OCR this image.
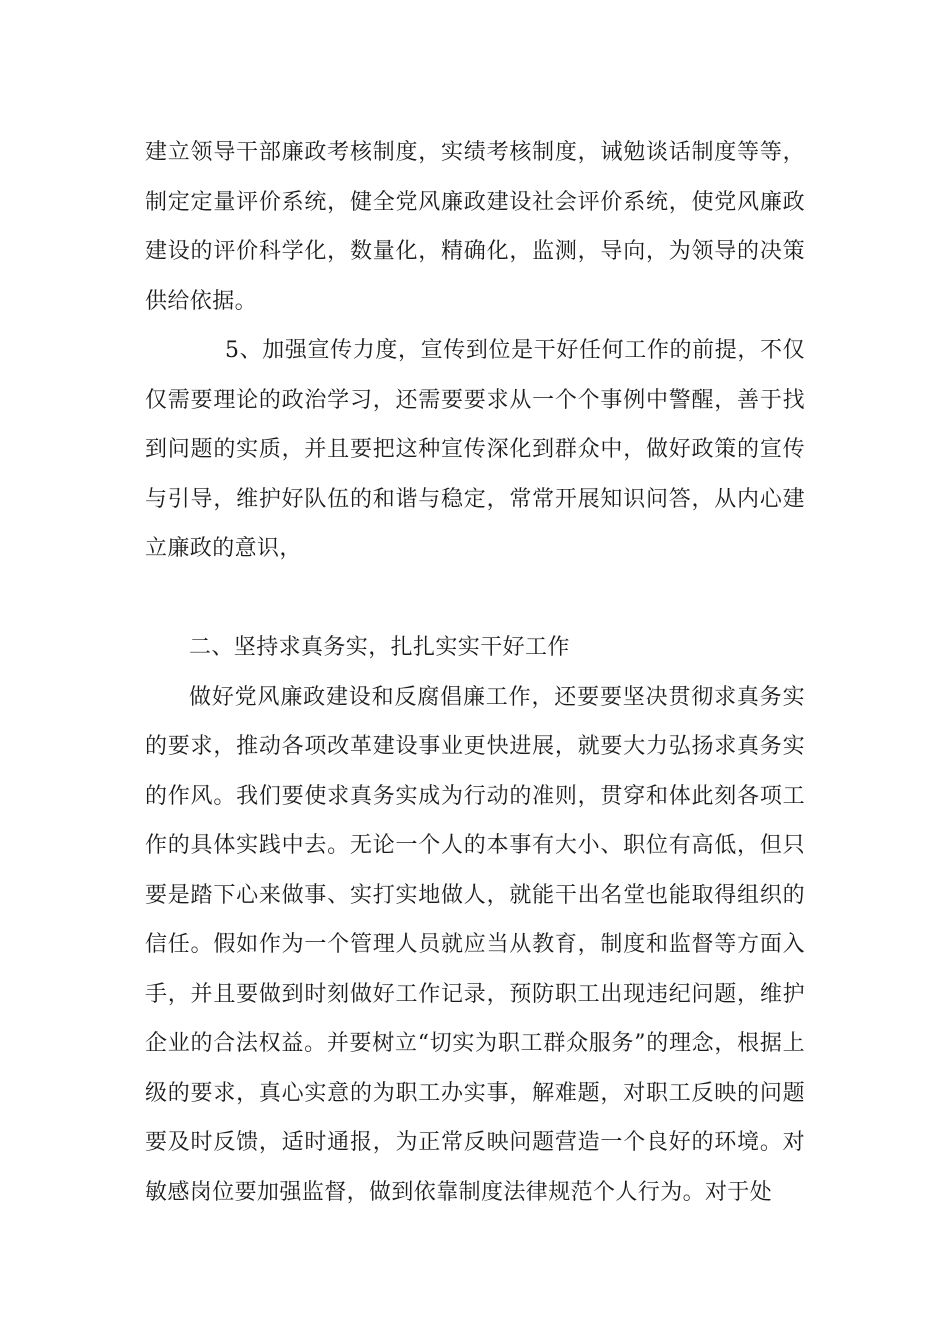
建立领导干部廉政考核制度，实绩考核制度，诫勉谈话制度等等，制定定量评价系统，健全党风廉政建设社会评价系统，使党风廉政建设的评价科学化，数量化，精确化，监测，导向，为领导的决策供给依据。

5、加强宣传力度，宣传到位是干好任何工作的前提，不仅仅需要理论的政治学习，还需要要求从一个个事例中警醒，善于找到问题的实质，并且要把这种宣传深化到群众中，做好政策的宣传与引导，维护好队伍的和谐与稳定，常常开展知识问答，从内心建立廉政的意识，

二、坚持求真务实，扎扎实实干好工作

做好党风廉政建设和反腐倡廉工作，还要要坚决贯彻求真务实的要求，推动各项改革建设事业更快进展，就要大力弘扬求真务实的作风。我们要使求真务实成为行动的准则，贯穿和体此刻各项工作的具体实践中去。无论一个人的本事有大小、职位有高低，但只要是踏下心来做事、实打实地做人，就能干出名堂也能取得组织的信任。假如作为一个管理人员就应当从教育，制度和监督等方面入手，并且要做到时刻做好工作记录，预防职工出现违纪问题，维护企业的合法权益。并要树立“切实为职工群众服务”的理念，根据上级的要求，真心实意的为职工办实事，解难题，对职工反映的问题要及时反馈，适时通报，为正常反映问题营造一个良好的环境。对敏感岗位要加强监督，做到依靠制度法律规范个人行为。对于处
